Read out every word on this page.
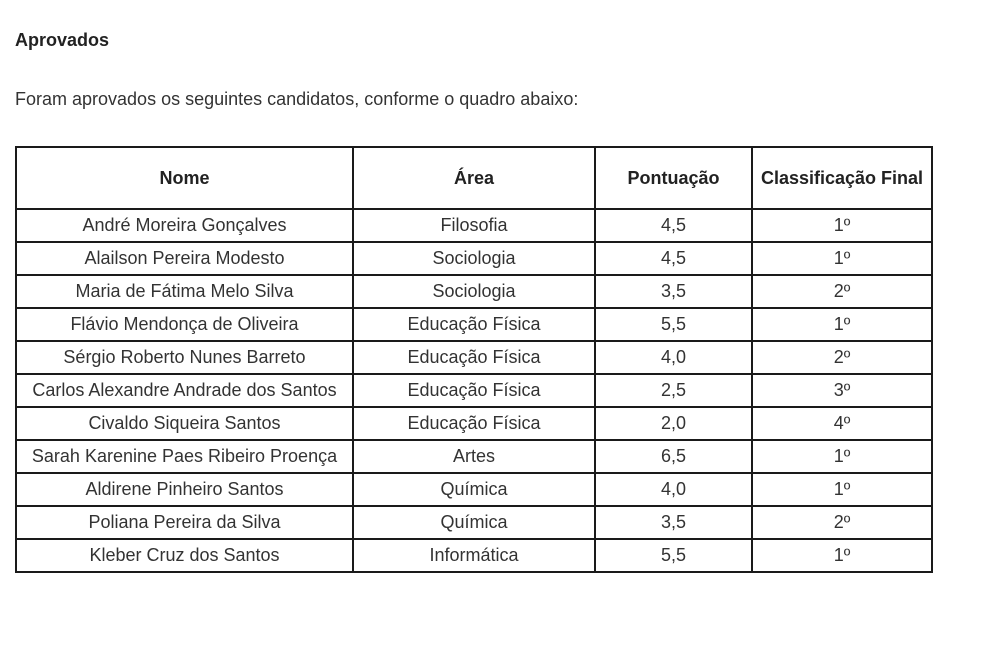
Aprovados
Foram aprovados os seguintes candidatos, conforme o quadro abaixo:
Nome	Área	Pontuação	Classificação Final
André Moreira Gonçalves	Filosofia	4,5	1º
Alailson Pereira Modesto	Sociologia	4,5	1º
Maria de Fátima Melo Silva	Sociologia	3,5	2º
Flávio Mendonça de Oliveira	Educação Física	5,5	1º
Sérgio Roberto Nunes Barreto	Educação Física	4,0	2º
Carlos Alexandre Andrade dos Santos	Educação Física	2,5	3º
Civaldo Siqueira Santos	Educação Física	2,0	4º
Sarah Karenine Paes Ribeiro Proença	Artes	6,5	1º
Aldirene Pinheiro Santos	Química	4,0	1º
Poliana Pereira da Silva	Química	3,5	2º
Kleber Cruz dos Santos	Informática	5,5	1º
